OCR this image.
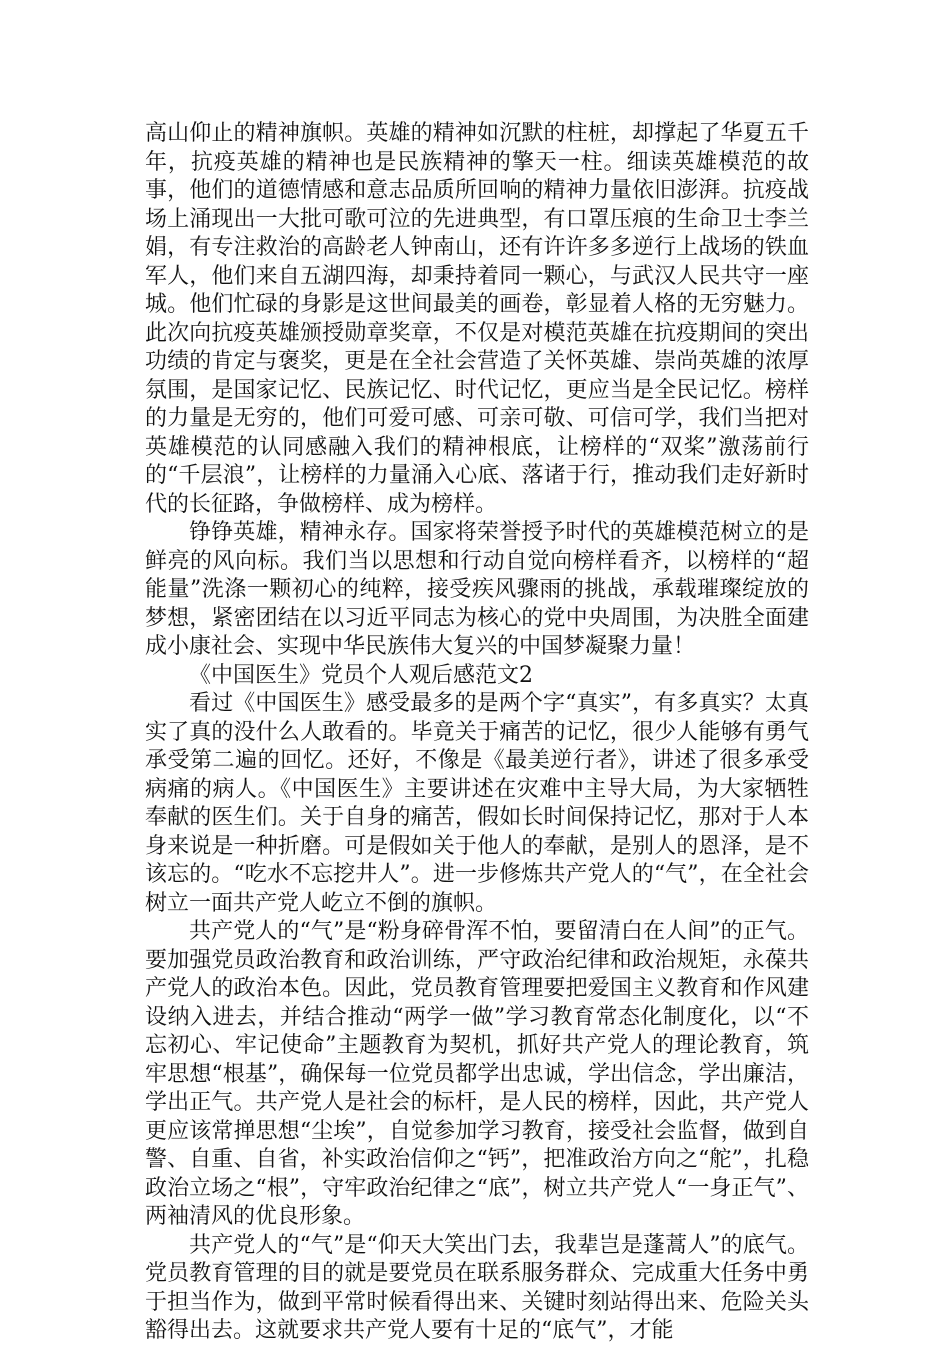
高山仰止的精神旗帜。英雄的精神如沉默的柱桩，却撑起了华夏五千年，抗疫英雄的精神也是民族精神的擎天一柱。细读英雄模范的故事，他们的道德情感和意志品质所回响的精神力量依旧澎湃。抗疫战场上涌现出一大批可歌可泣的先进典型，有口罩压痕的生命卫士李兰娟，有专注救治的高龄老人钟南山，还有许许多多逆行上战场的铁血军人，他们来自五湖四海，却秉持着同一颗心，与武汉人民共守一座城。他们忙碌的身影是这世间最美的画卷，彰显着人格的无穷魅力。此次向抗疫英雄颁授勋章奖章，不仅是对模范英雄在抗疫期间的突出功绩的肯定与褒奖，更是在全社会营造了关怀英雄、崇尚英雄的浓厚氛围，是国家记忆、民族记忆、时代记忆，更应当是全民记忆。榜样的力量是无穷的，他们可爱可感、可亲可敬、可信可学，我们当把对英雄模范的认同感融入我们的精神根底，让榜样的“双桨”激荡前行的“千层浪”，让榜样的力量涌入心底、落诸于行，推动我们走好新时代的长征路，争做榜样、成为榜样。

铮铮英雄，精神永存。国家将荣誉授予时代的英雄模范树立的是鲜亮的风向标。我们当以思想和行动自觉向榜样看齐，以榜样的“超能量”洗涤一颗初心的纯粹，接受疾风骤雨的挑战，承载璀璨绽放的梦想，紧密团结在以习近平同志为核心的党中央周围，为决胜全面建成小康社会、实现中华民族伟大复兴的中国梦凝聚力量！

《中国医生》党员个人观后感范文2

看过《中国医生》感受最多的是两个字“真实”，有多真实？太真实了真的没什么人敢看的。毕竟关于痛苦的记忆，很少人能够有勇气承受第二遍的回忆。还好，不像是《最美逆行者》，讲述了很多承受病痛的病人。《中国医生》主要讲述在灾难中主导大局，为大家牺牲奉献的医生们。关于自身的痛苦，假如长时间保持记忆，那对于人本身来说是一种折磨。可是假如关于他人的奉献，是别人的恩泽，是不该忘的。“吃水不忘挖井人”。进一步修炼共产党人的“气”，在全社会树立一面共产党人屹立不倒的旗帜。

共产党人的“气”是“粉身碎骨浑不怕，要留清白在人间”的正气。要加强党员政治教育和政治训练，严守政治纪律和政治规矩，永葆共产党人的政治本色。因此，党员教育管理要把爱国主义教育和作风建设纳入进去，并结合推动“两学一做”学习教育常态化制度化，以“不忘初心、牢记使命”主题教育为契机，抓好共产党人的理论教育，筑牢思想“根基”，确保每一位党员都学出忠诚，学出信念，学出廉洁，学出正气。共产党人是社会的标杆，是人民的榜样，因此，共产党人更应该常掸思想“尘埃”，自觉参加学习教育，接受社会监督，做到自警、自重、自省，补实政治信仰之“钙”，把准政治方向之“舵”，扎稳政治立场之“根”，守牢政治纪律之“底”，树立共产党人“一身正气”、两袖清风的优良形象。

共产党人的“气”是“仰天大笑出门去，我辈岂是蓬蒿人”的底气。党员教育管理的目的就是要党员在联系服务群众、完成重大任务中勇于担当作为，做到平常时候看得出来、关键时刻站得出来、危险关头豁得出去。这就要求共产党人要有十足的“底气”，才能
